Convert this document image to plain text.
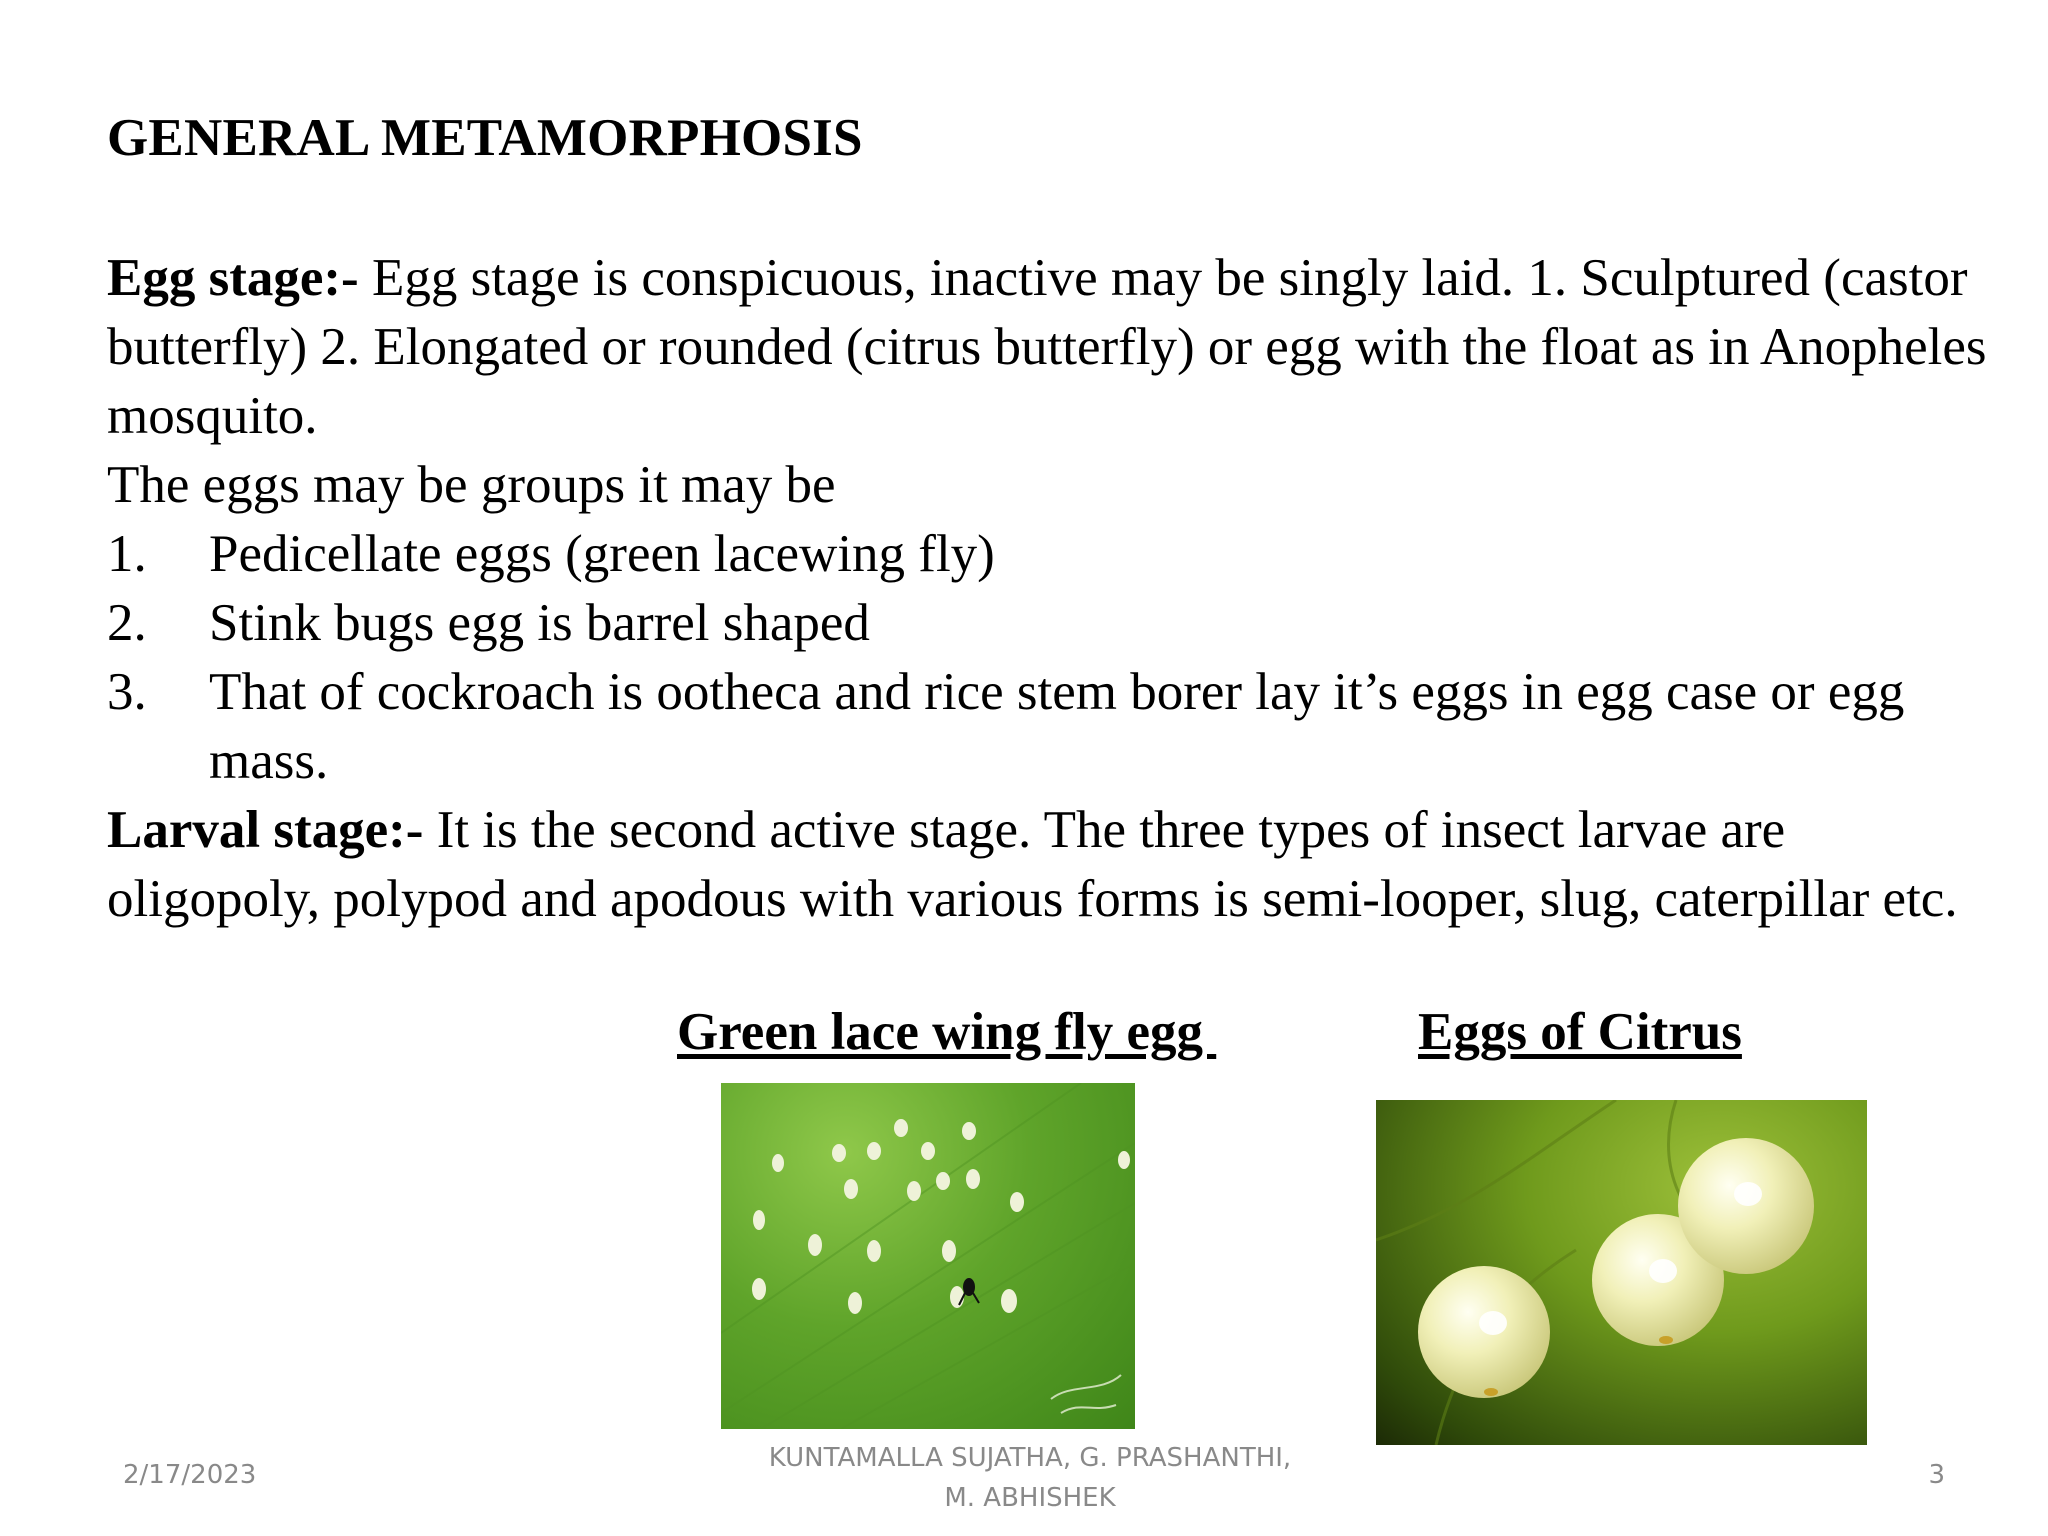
GENERAL METAMORPHOSIS

Egg stage:- Egg stage is conspicuous, inactive may be singly laid. 1. Sculptured (castor butterfly) 2. Elongated or rounded (citrus butterfly) or egg with the float as in Anopheles mosquito.

The eggs may be groups it may be

1. Pedicellate eggs (green lacewing fly)

2. Stink bugs egg is barrel shaped

3. That of cockroach is ootheca and rice stem borer lay it’s eggs in egg case or egg mass.

Larval stage:- It is the second active stage. The three types of insect larvae are oligopoly, polypod and apodous with various forms is semi-looper, slug, caterpillar etc.

Green lace wing fly egg	Eggs of Citrus
2/17/2023
KUNTAMALLA SUJATHA, G. PRASHANTHI,
M. ABHISHEK
3
